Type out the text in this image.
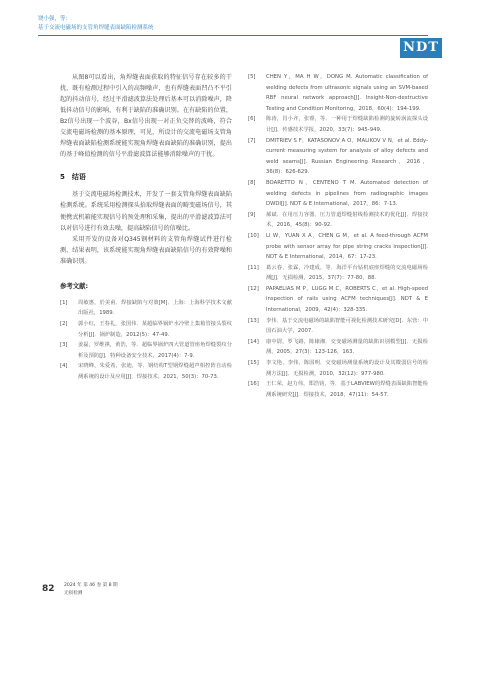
饶小强，等：
基于交流电磁场的支管角焊缝表面缺陷检测系统
NDT

从图8可以看出，角焊缝表面获取的特征信号存在较多的干扰，既有检测过程中引入的高频噪声，也有焊缝表面凹凸不平引起的抖动信号，经过平滑滤波算法处理后基本可以消除噪声，降低抖动信号的影响，有利于缺陷的准确识别。在有缺陷的位置，Bz信号出现一个波谷，Bx信号出现一对正负交替的波峰，符合交流电磁场检测的基本原理，可见，所设计的交流电磁场支管角焊缝表面缺陷检测系统能实现角焊缝表面缺陷的准确识别，提出的基于峰值检测的信号平滑滤波算法能够消除噪声的干扰。

5　结语

基于交流电磁场检测技术，开发了一套支管角焊缝表面缺陷检测系统。系统采用检测探头拾取焊缝表面的畸变磁场信号，其便携式机箱能实现信号的预处理和采集，提出的平滑滤波算法可以对信号进行有效去噪，提高缺陷信号的信噪比。

采用开发的设备对Q345钢材料的支管角焊缝试件进行检测，结果表明，该系统能实现角焊缝表面缺陷信号的有效降噪和准确识别。

参考文献:
[1]	周敏惠，於美甫．焊接缺陷与对策[M]．上海：上海科学技术文献出版社，1989.
[2]	郭小红，王春礼，张国伟．某超临界锅炉水冷壁上集箱管接头裂纹分析[J]．锅炉制造，2012(5)：47-49.
[3]	姜磊，罗维祺，黄浩，等．超临界锅炉四大管道管座角焊缝裂纹分析及预防[J]．特种设备安全技术，2017(4)：7-9.
[4]	宋晓峰，朱爱希，张迪，等．钢结构T型钢焊缝超声相控阵自动检测系统的设计及应用[J]．焊接技术，2021，50(3)：70-73.
[5]	CHEN Y，MA H W，DONG M. Automatic classification of welding defects from ultrasonic signals using an SVM-based RBF neural network approach[J]. Insight-Non-destructive Testing and Condition Monitoring，2018，60(4)：194-199.
[6]	陈涛，肖小齐，张睿，等．一种用于焊缝缺陷检测的旋转涡流探头设计[J]．传感技术学报，2020，33(7)：945-949.
[7]	DMITRIEV S F，KATASONOV A O，MALIKOV V N，et al. Eddy-current measuring system for analysis of alloy defects and weld seams[J]. Russian Engineering Research，2016，36(8)：626-629.
[8]	BOARETTO N，CENTENO T M. Automated detection of welding defects in pipelines from radiographic images DWDI[J]. NDT & E International，2017，86：7-13.
[9]	郝斌．在用压力容器、压力管道焊缝射线检测技术的优化[J]．焊接技术，2016，45(8)：90-92.
[10]	LI W，YUAN X A，CHEN G M，et al. A feed-through ACFM probe with sensor array for pipe string cracks inspection[J]. NDT & E International，2014，67：17-23.
[11]	葛云春，张霖，冷建成，等．海洋平台钻机底座焊缝的交流电磁场检测[J]．无损检测，2015，37(7)：77-80，88.
[12]	PAPAELIAS M P，LUGG M C，ROBERTS C，et al. High-speed inspection of rails using ACFM techniques[J]. NDT & E International，2009，42(4)：328-335.
[13]	李伟．基于交流电磁场的缺陷智能可视化检测技术研究[D]．东营：中国石油大学，2007.
[14]	康中尉，罗飞路，陈棣湘．交变磁场测量的缺陷识别模型[J]．无损检测，2005，27(3)：123-126，163.
[15]	李文艳，李伟，陈国明．交变磁场测量系统的设计及其微弱信号的检测方法[J]．无损检测，2010，32(12)：977-980.
[16]	王仁荣，赵力伟，郑浩钧，等．基于LABVIEW的焊缝表面缺陷智能检测系统研究[J]．焊接技术，2018，47(11)：54-57.
82 2024 年 第 46 卷 第 8 期
无损检测
